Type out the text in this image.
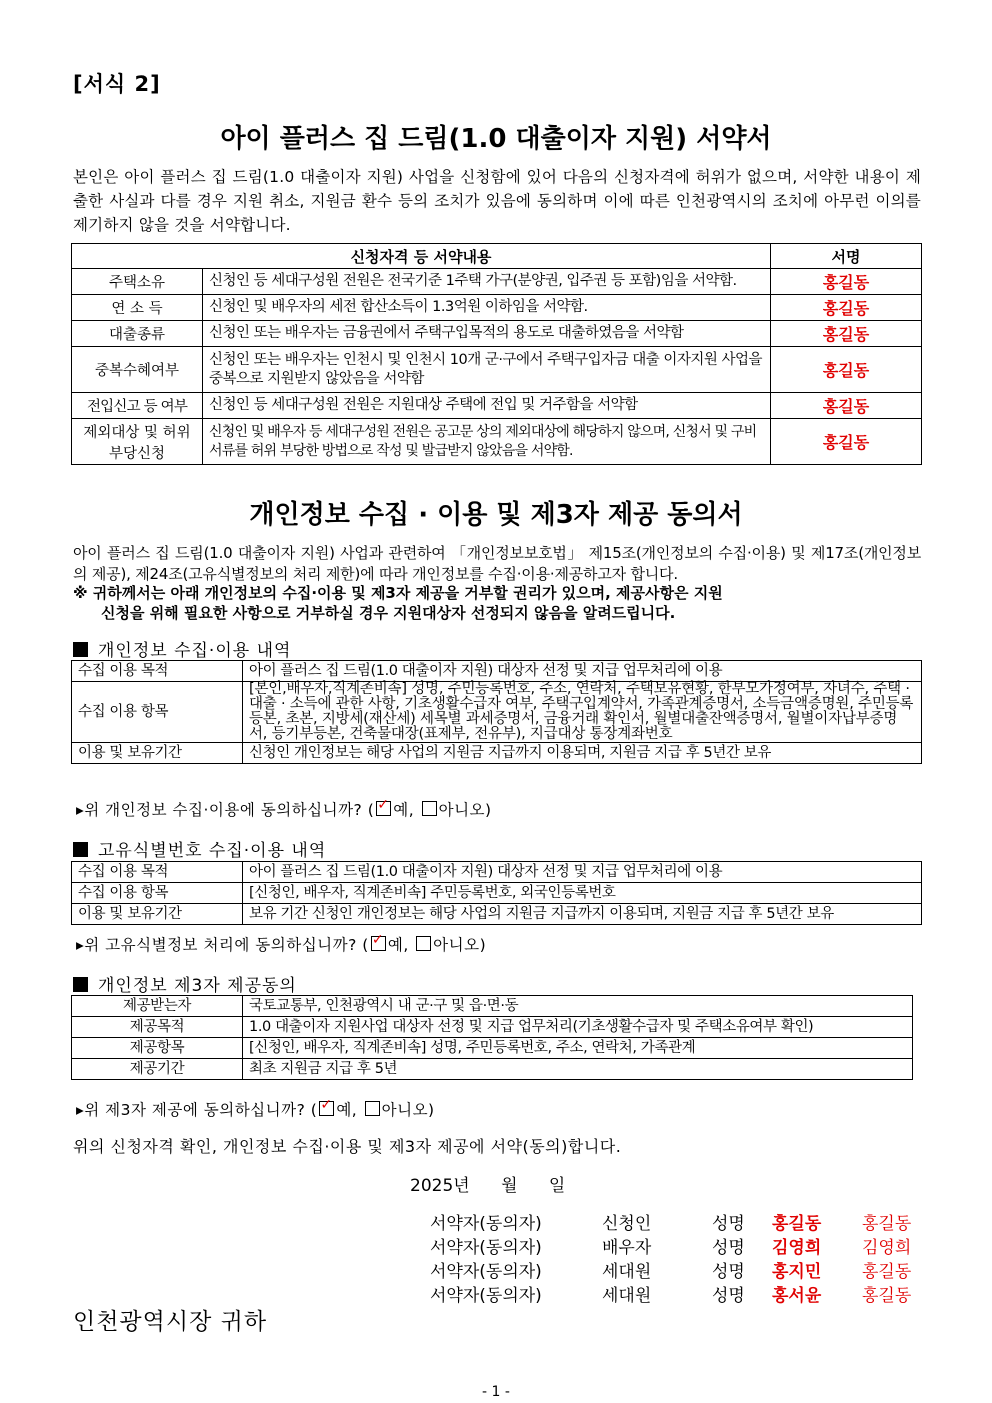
[서식 2]
아이 플러스 집 드림(1.0 대출이자 지원) 서약서
본인은 아이 플러스 집 드림(1.0 대출이자 지원) 사업을 신청함에 있어 다음의 신청자격에 허위가 없으며, 서약한 내용이 제출한 사실과 다를 경우 지원 취소, 지원금 환수 등의 조치가 있음에 동의하며 이에 따른 인천광역시의 조치에 아무런 이의를 제기하지 않을 것을 서약합니다.
신청자격 등 서약내용		서명
주택소유	신청인 등 세대구성원 전원은 전국기준 1주택 가구(분양권, 입주권 등 포함)임을 서약함.	홍길동
연 소 득	신청인 및 배우자의 세전 합산소득이 1.3억원 이하임을 서약함.	홍길동
대출종류	신청인 또는 배우자는 금융권에서 주택구입목적의 용도로 대출하였음을 서약함	홍길동
중복수혜여부	신청인 또는 배우자는 인천시 및 인천시 10개 군·구에서 주택구입자금 대출 이자지원 사업을 중복으로 지원받지 않았음을 서약함	홍길동
전입신고 등 여부	신청인 등 세대구성원 전원은 지원대상 주택에 전입 및 거주함을 서약함	홍길동
제외대상 및 허위 부당신청	신청인 및 배우자 등 세대구성원 전원은 공고문 상의 제외대상에 해당하지 않으며, 신청서 및 구비서류를 허위 부당한 방법으로 작성 및 발급받지 않았음을 서약함.	홍길동
개인정보 수집 · 이용 및 제3자 제공 동의서
아이 플러스 집 드림(1.0 대출이자 지원) 사업과 관련하여 「개인정보보호법」 제15조(개인정보의 수집·이용) 및 제17조(개인정보의 제공), 제24조(고유식별정보의 처리 제한)에 따라 개인정보를 수집·이용·제공하고자 합니다.
※ 귀하께서는 아래 개인정보의 수집·이용 및 제3자 제공을 거부할 권리가 있으며, 제공사항은 지원
신청을 위해 필요한 사항으로 거부하실 경우 지원대상자 선정되지 않음을 알려드립니다.
개인정보 수집·이용 내역
수집 이용 목적	아이 플러스 집 드림(1.0 대출이자 지원) 대상자 선정 및 지급 업무처리에 이용
수집 이용 항목	[본인,배우자,직계존비속] 성명, 주민등록번호, 주소, 연락처, 주택보유현황, 한부모가정여부, 자녀수, 주택 · 대출 · 소득에 관한 사항, 기초생활수급자 여부, 주택구입계약서, 가족관계증명서, 소득금액증명원, 주민등록등본, 초본, 지방세(재산세) 세목별 과세증명서, 금융거래 확인서, 월별대출잔액증명서, 월별이자납부증명서, 등기부등본, 건축물대장(표제부, 전유부), 지급대상 통장계좌번호
이용 및 보유기간	신청인 개인정보는 해당 사업의 지원금 지급까지 이용되며, 지원금 지급 후 5년간 보유
▸위 개인정보 수집·이용에 동의하십니까? ( ✓ 예, 아니오)
고유식별번호 수집·이용 내역
수집 이용 목적	아이 플러스 집 드림(1.0 대출이자 지원) 대상자 선정 및 지급 업무처리에 이용
수집 이용 항목	[신청인, 배우자, 직계존비속] 주민등록번호, 외국인등록번호
이용 및 보유기간	보유 기간 신청인 개인정보는 해당 사업의 지원금 지급까지 이용되며, 지원금 지급 후 5년간 보유
▸위 고유식별정보 처리에 동의하십니까? ( ✓ 예, 아니오)
개인정보 제3자 제공동의
제공받는자	국토교통부, 인천광역시 내 군·구 및 읍·면·동
제공목적	1.0 대출이자 지원사업 대상자 선정 및 지급 업무처리(기초생활수급자 및 주택소유여부 확인)
제공항목	[신청인, 배우자, 직계존비속] 성명, 주민등록번호, 주소, 연락처, 가족관계
제공기간	최초 지원금 지급 후 5년
▸위 제3자 제공에 동의하십니까? ( ✓ 예, 아니오)
위의 신청자격 확인, 개인정보 수집·이용 및 제3자 제공에 서약(동의)합니다.
2025년 월 일
서약자(동의자)	신청인	성명 홍길동 홍길동
서약자(동의자)	배우자	성명 김영희 김영희
서약자(동의자)	세대원	성명 홍지민 홍길동
서약자(동의자)	세대원	성명 홍서윤 홍길동
인천광역시장 귀하
- 1 -
